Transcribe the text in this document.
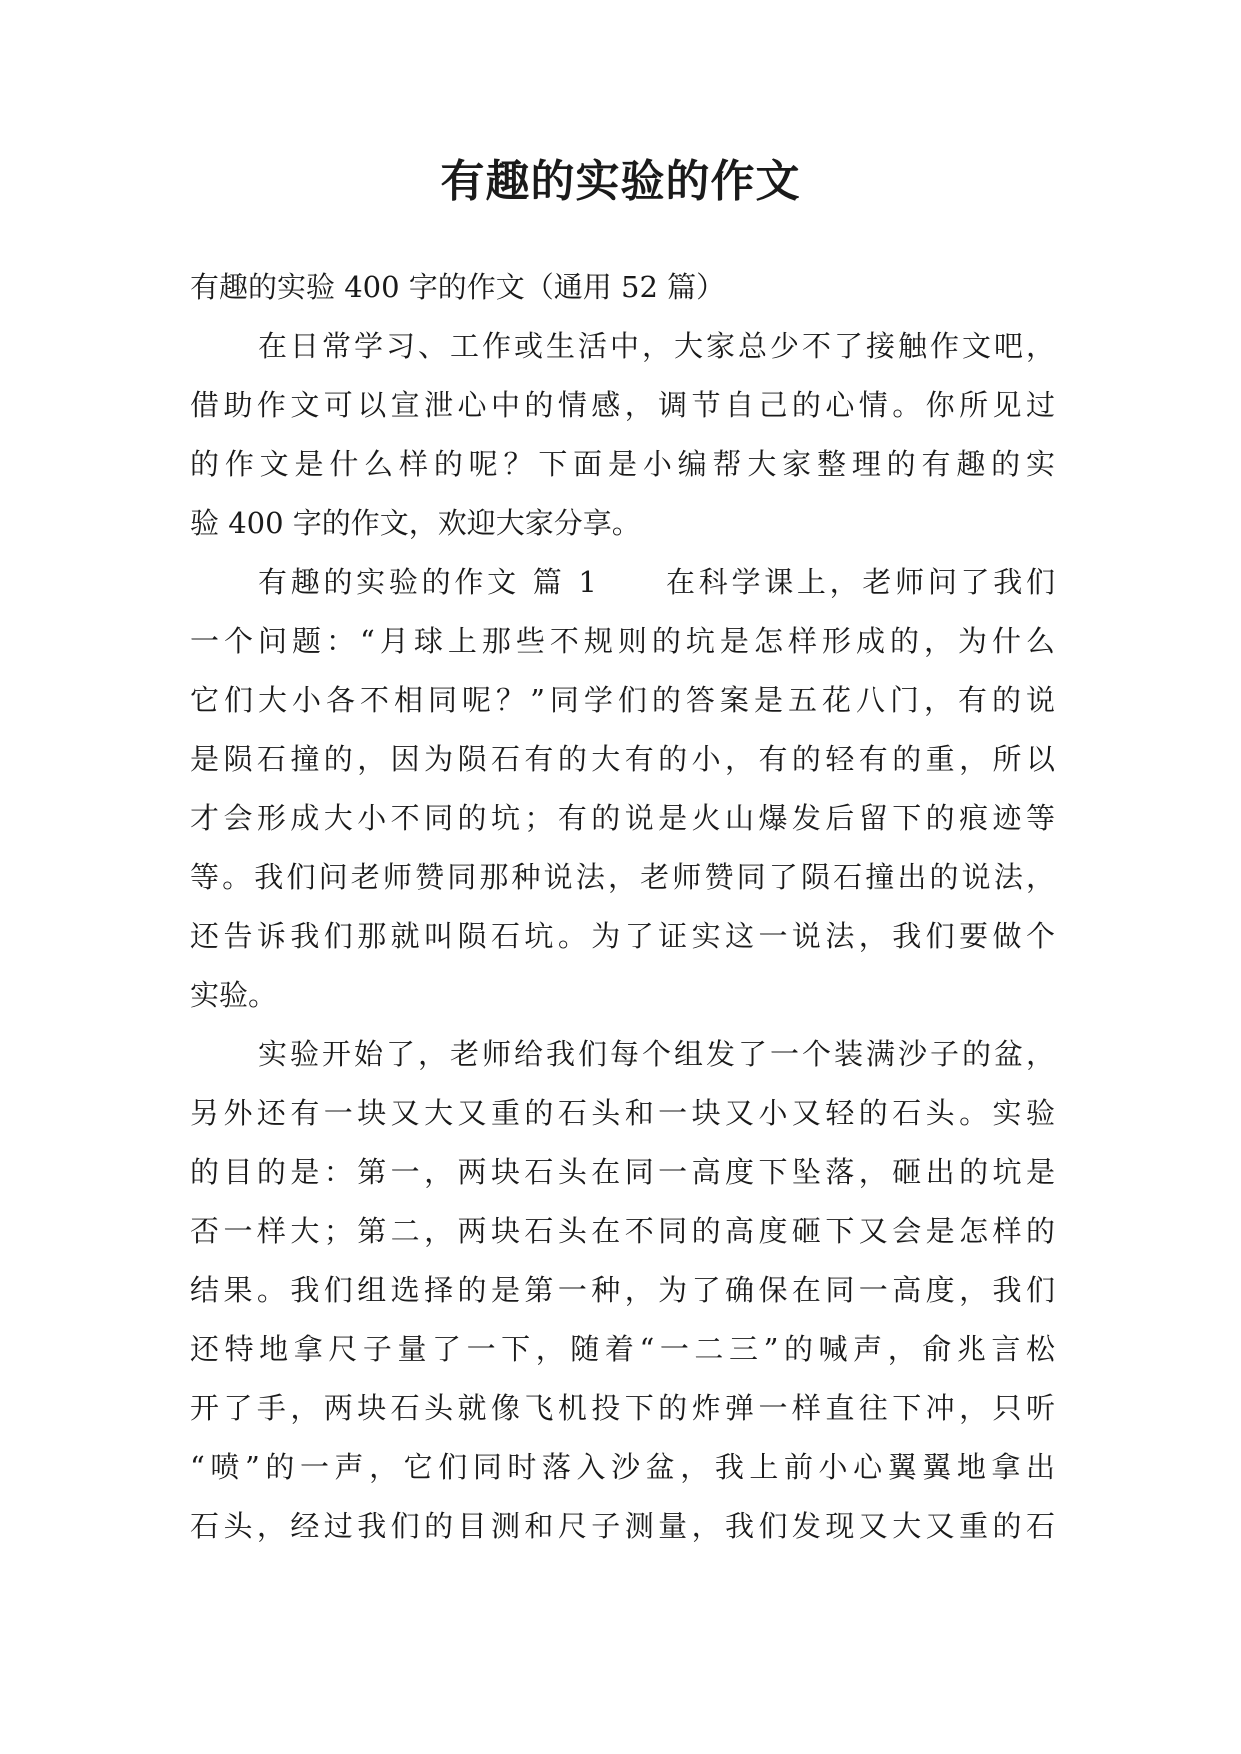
有趣的实验的作文
有趣的实验 400 字的作文（通用 52 篇）
在日常学习、工作或生活中，大家总少不了接触作文吧，
借助作文可以宣泄心中的情感，调节自己的心情。你所见过
的作文是什么样的呢？下面是小编帮大家整理的有趣的实
验 400 字的作文，欢迎大家分享。
有趣的实验的作文 篇 1　　在科学课上，老师问了我们
一个问题：“月球上那些不规则的坑是怎样形成的，为什么
它们大小各不相同呢？”同学们的答案是五花八门，有的说
是陨石撞的，因为陨石有的大有的小，有的轻有的重，所以
才会形成大小不同的坑；有的说是火山爆发后留下的痕迹等
等。我们问老师赞同那种说法，老师赞同了陨石撞出的说法，
还告诉我们那就叫陨石坑。为了证实这一说法，我们要做个
实验。
实验开始了，老师给我们每个组发了一个装满沙子的盆，
另外还有一块又大又重的石头和一块又小又轻的石头。实验
的目的是：第一，两块石头在同一高度下坠落，砸出的坑是
否一样大；第二，两块石头在不同的高度砸下又会是怎样的
结果。我们组选择的是第一种，为了确保在同一高度，我们
还特地拿尺子量了一下，随着“一二三”的喊声，俞兆言松
开了手，两块石头就像飞机投下的炸弹一样直往下冲，只听
“喷”的一声，它们同时落入沙盆，我上前小心翼翼地拿出
石头，经过我们的目测和尺子测量，我们发现又大又重的石
